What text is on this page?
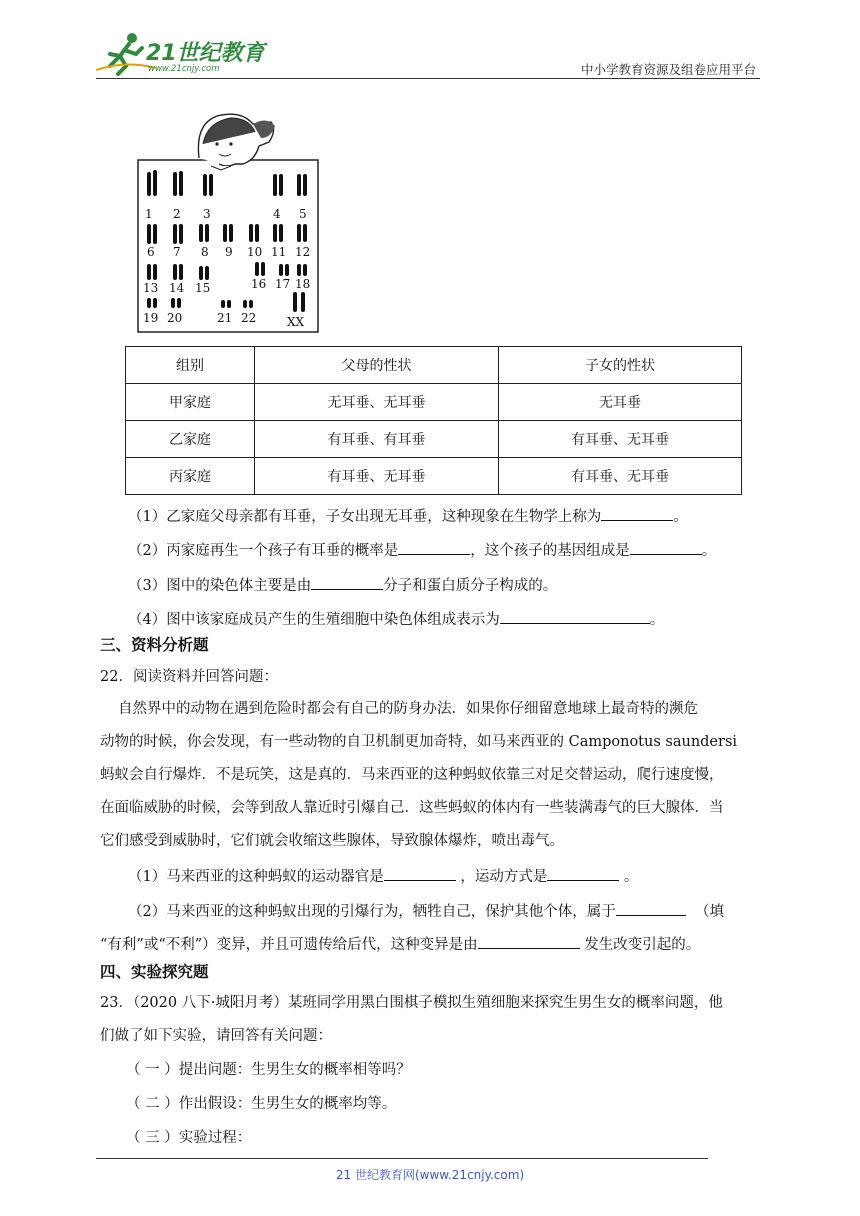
21世纪教育
www.21cnjy.com	中小学教育资源及组卷应用平台
1 2 3	4 5
6 7 8 9 10 11 12
13 14 15	16 17 18
19 20	21 22	XX
组别	父母的性状	子女的性状
甲家庭	无耳垂、无耳垂	无耳垂
乙家庭	有耳垂、有耳垂	有耳垂、无耳垂
丙家庭	有耳垂、无耳垂	有耳垂、无耳垂
（1）乙家庭父母亲都有耳垂，子女出现无耳垂，这种现象在生物学上称为	。
（2）丙家庭再生一个孩子有耳垂的概率是	，这个孩子的基因组成是	。
（3）图中的染色体主要是由	分子和蛋白质分子构成的。
（4）图中该家庭成员产生的生殖细胞中染色体组成表示为	。
三、资料分析题
22．阅读资料并回答问题：
自然界中的动物在遇到危险时都会有自己的防身办法．如果你仔细留意地球上最奇特的濒危
动物的时候，你会发现，有一些动物的自卫机制更加奇特，如马来西亚的 Camponotus saundersi
蚂蚁会自行爆炸．不是玩笑，这是真的．马来西亚的这种蚂蚁依靠三对足交替运动，爬行速度慢，
在面临威胁的时候，会等到敌人靠近时引爆自己．这些蚂蚁的体内有一些装满毒气的巨大腺体．当
它们感受到威胁时，它们就会收缩这些腺体，导致腺体爆炸，喷出毒气。
（1）马来西亚的这种蚂蚁的运动器官是	，运动方式是	。
（2）马来西亚的这种蚂蚁出现的引爆行为，牺牲自己，保护其他个体，属于	（填
“有利”或“不利”）变异，并且可遗传给后代，这种变异是由	发生改变引起的。
四、实验探究题
23．（2020 八下·城阳月考）某班同学用黑白围棋子模拟生殖细胞来探究生男生女的概率问题，他
们做了如下实验，请回答有关问题：
（ 一 ）提出问题：生男生女的概率相等吗？
（ 二 ）作出假设：生男生女的概率均等。
（ 三 ）实验过程：
21 世纪教育网(www.21cnjy.com)
